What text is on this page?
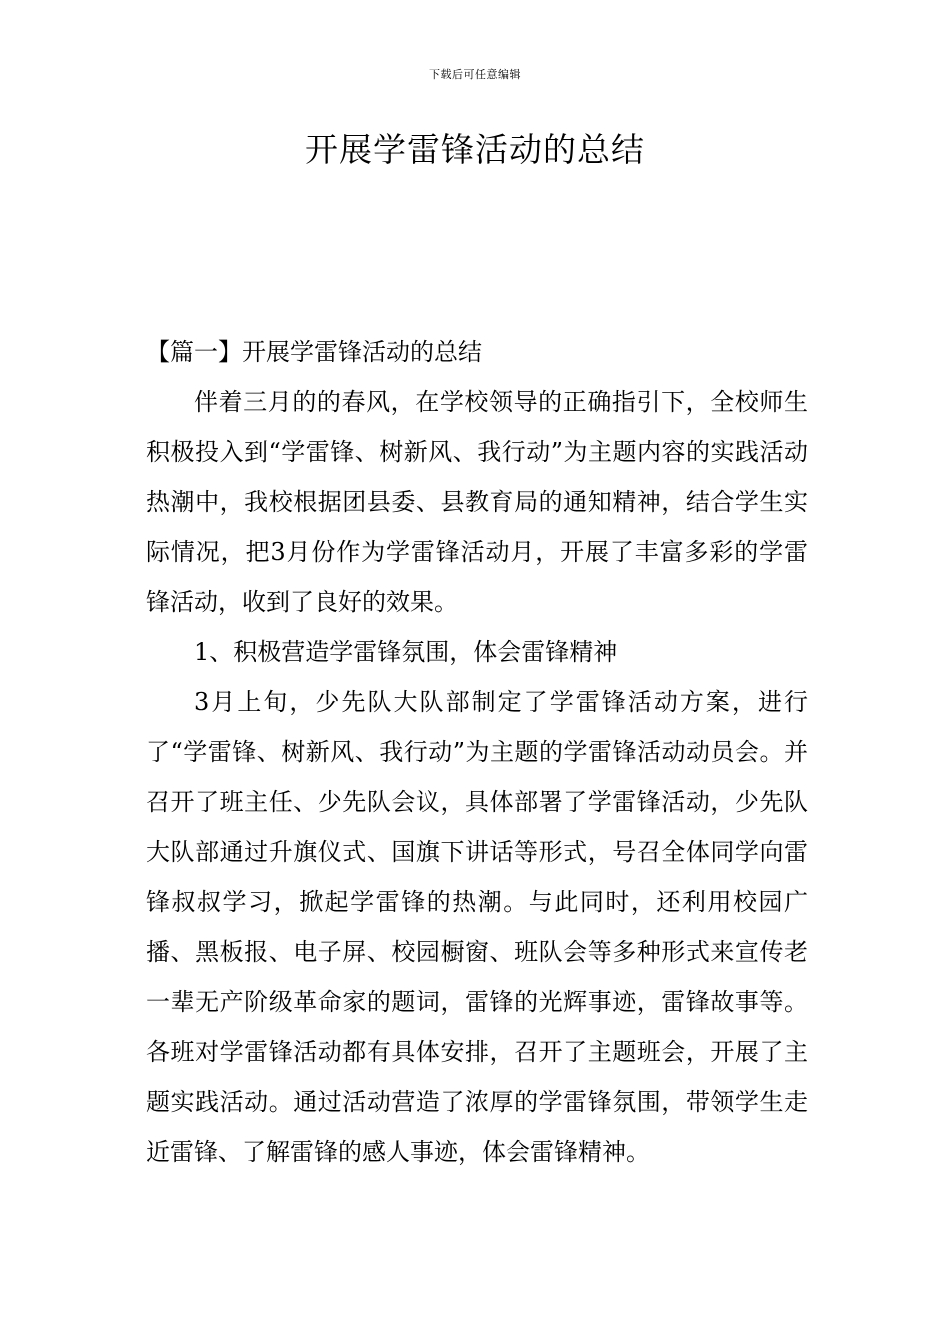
下载后可任意编辑
开展学雷锋活动的总结

【篇一】开展学雷锋活动的总结

伴着三月的的春风，在学校领导的正确指引下，全校师生积极投入到“学雷锋、树新风、我行动”为主题内容的实践活动热潮中，我校根据团县委、县教育局的通知精神，结合学生实际情况，把3月份作为学雷锋活动月，开展了丰富多彩的学雷锋活动，收到了良好的效果。

1、积极营造学雷锋氛围，体会雷锋精神

3月上旬，少先队大队部制定了学雷锋活动方案，进行了“学雷锋、树新风、我行动”为主题的学雷锋活动动员会。并召开了班主任、少先队会议，具体部署了学雷锋活动，少先队大队部通过升旗仪式、国旗下讲话等形式，号召全体同学向雷锋叔叔学习，掀起学雷锋的热潮。与此同时，还利用校园广播、黑板报、电子屏、校园橱窗、班队会等多种形式来宣传老一辈无产阶级革命家的题词，雷锋的光辉事迹，雷锋故事等。各班对学雷锋活动都有具体安排，召开了主题班会，开展了主题实践活动。通过活动营造了浓厚的学雷锋氛围，带领学生走近雷锋、了解雷锋的感人事迹，体会雷锋精神。
